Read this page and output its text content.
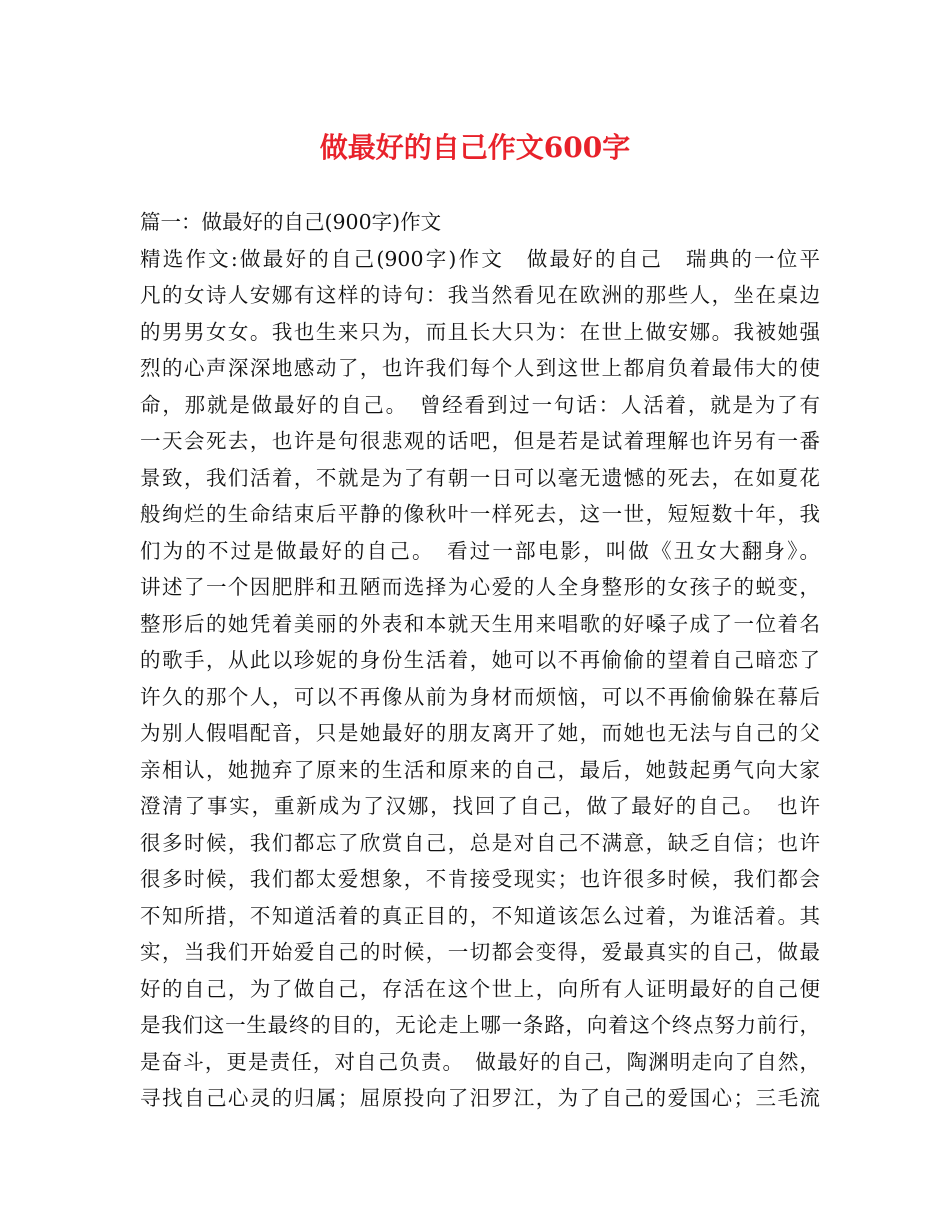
做最好的自己作文600字
篇一：做最好的自己(900字)作文
精选作文:做最好的自己(900字)作文　做最好的自己　瑞典的一位平
凡的女诗人安娜有这样的诗句：我当然看见在欧洲的那些人，坐在桌边
的男男女女。我也生来只为，而且长大只为：在世上做安娜。我被她强
烈的心声深深地感动了，也许我们每个人到这世上都肩负着最伟大的使
命，那就是做最好的自己。　曾经看到过一句话：人活着，就是为了有
一天会死去，也许是句很悲观的话吧，但是若是试着理解也许另有一番
景致，我们活着，不就是为了有朝一日可以毫无遗憾的死去，在如夏花
般绚烂的生命结束后平静的像秋叶一样死去，这一世，短短数十年，我
们为的不过是做最好的自己。　看过一部电影，叫做《丑女大翻身》。
讲述了一个因肥胖和丑陋而选择为心爱的人全身整形的女孩子的蜕变，
整形后的她凭着美丽的外表和本就天生用来唱歌的好嗓子成了一位着名
的歌手，从此以珍妮的身份生活着，她可以不再偷偷的望着自己暗恋了
许久的那个人，可以不再像从前为身材而烦恼，可以不再偷偷躲在幕后
为别人假唱配音，只是她最好的朋友离开了她，而她也无法与自己的父
亲相认，她抛弃了原来的生活和原来的自己，最后，她鼓起勇气向大家
澄清了事实，重新成为了汉娜，找回了自己，做了最好的自己。　也许
很多时候，我们都忘了欣赏自己，总是对自己不满意，缺乏自信；也许
很多时候，我们都太爱想象，不肯接受现实；也许很多时候，我们都会
不知所措，不知道活着的真正目的，不知道该怎么过着，为谁活着。其
实，当我们开始爱自己的时候，一切都会变得，爱最真实的自己，做最
好的自己，为了做自己，存活在这个世上，向所有人证明最好的自己便
是我们这一生最终的目的，无论走上哪一条路，向着这个终点努力前行，
是奋斗，更是责任，对自己负责。　做最好的自己，陶渊明走向了自然，
寻找自己心灵的归属；屈原投向了汨罗江，为了自己的爱国心；三毛流
